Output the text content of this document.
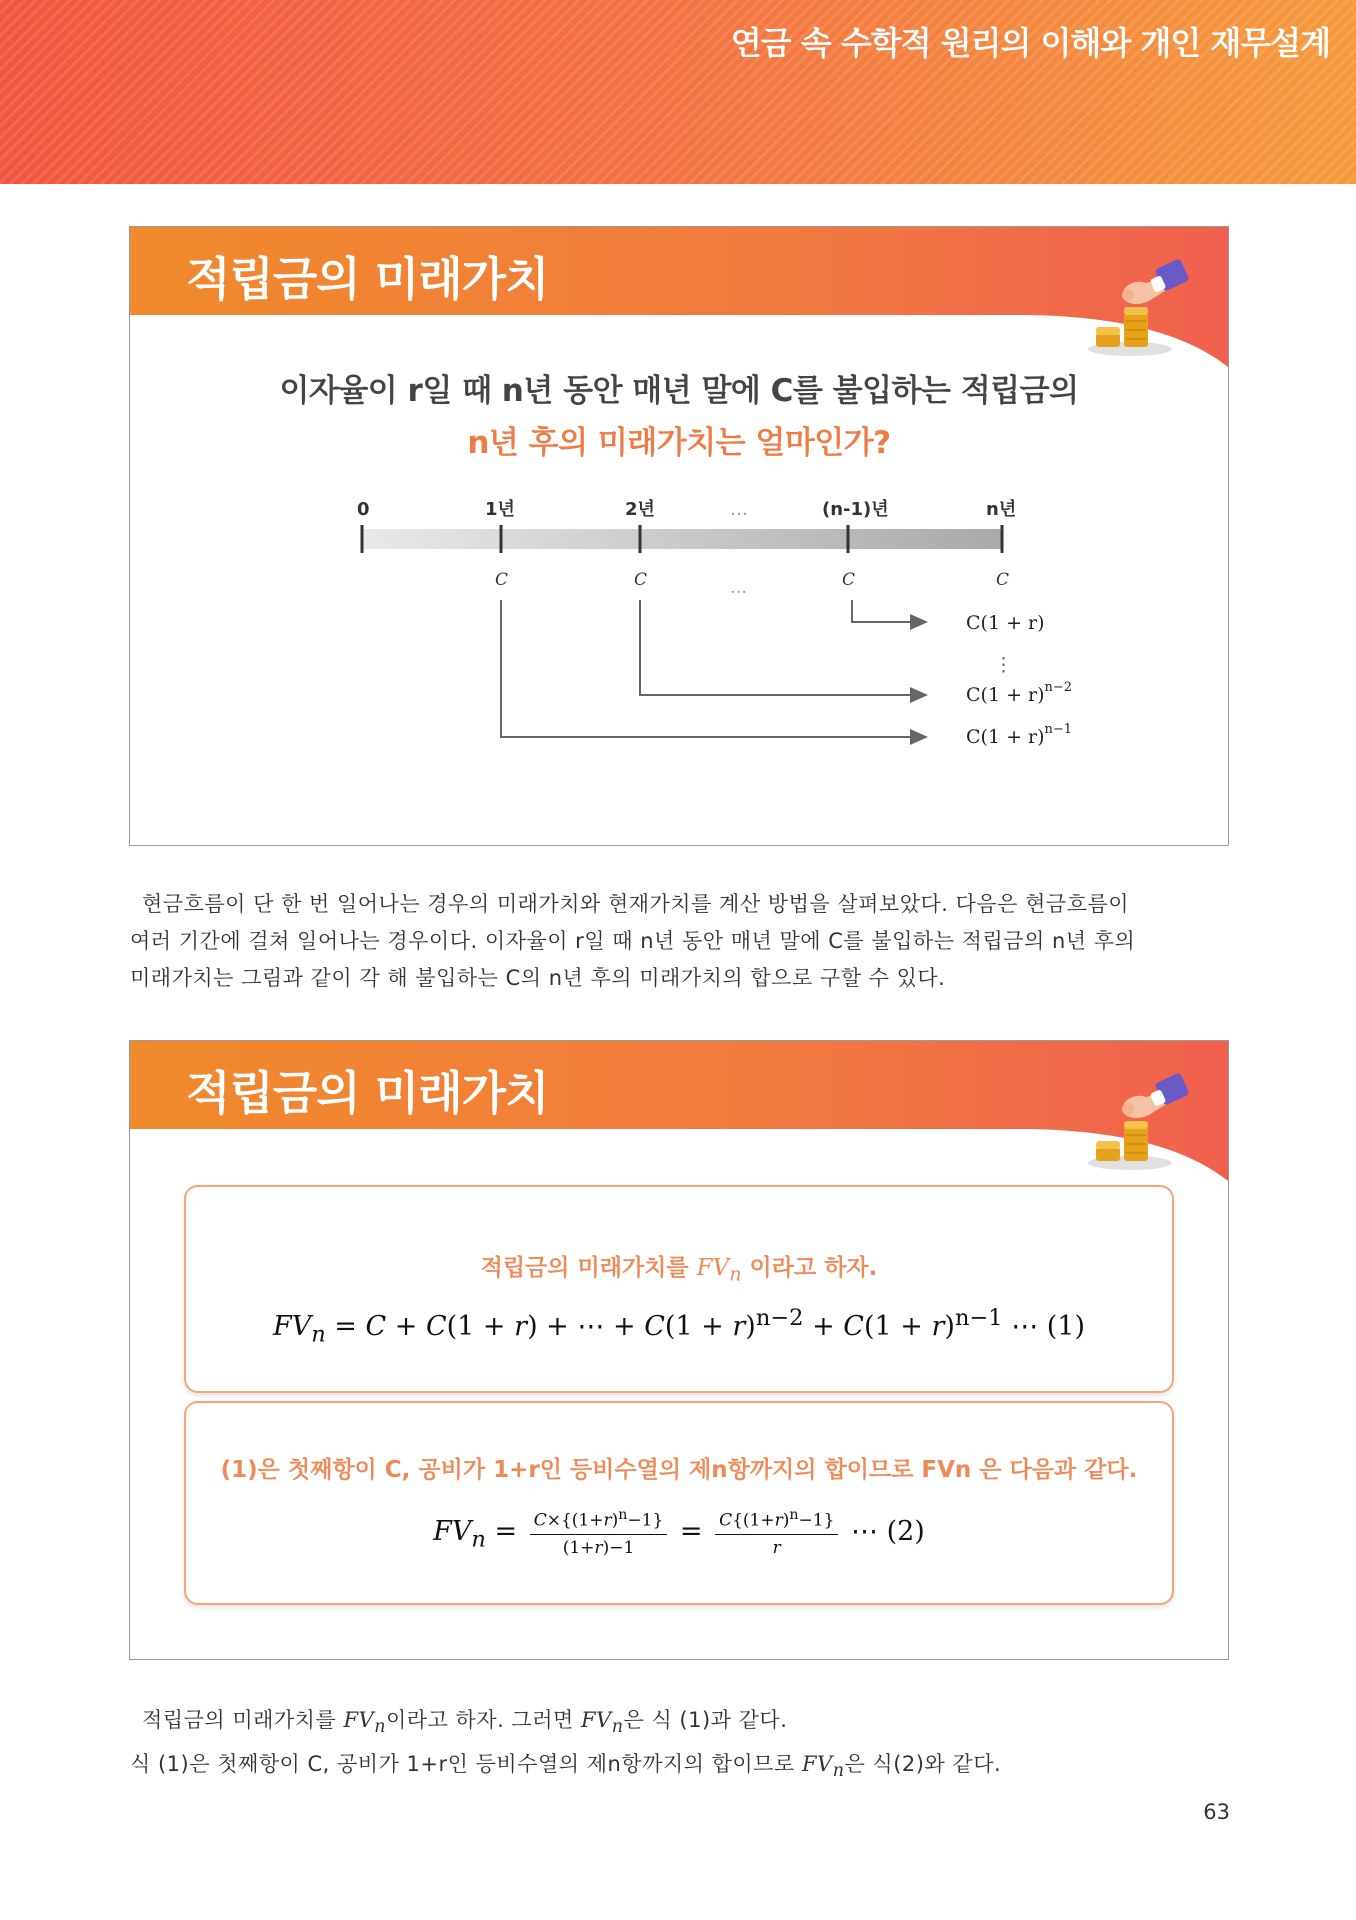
연금 속 수학적 원리의 이해와 개인 재무설계
적립금의 미래가치
이자율이 r일 때 n년 동안 매년 말에 C를 불입하는 적립금의
n년 후의 미래가치는 얼마인가?
0	1년	2년	…	(n-1)년	n년
C	C	…	C	C
C(1 + r)
⋮
$C(1 + r)^{n-2}$
$C(1 + r)^{n-1}$
현금흐름이 단 한 번 일어나는 경우의 미래가치와 현재가치를 계산 방법을 살펴보았다. 다음은 현금흐름이
여러 기간에 걸쳐 일어나는 경우이다. 이자율이 r일 때 n년 동안 매년 말에 C를 불입하는 적립금의 n년 후의
미래가치는 그림과 같이 각 해 불입하는 C의 n년 후의 미래가치의 합으로 구할 수 있다.
적립금의 미래가치
적립금의 미래가치를 $FV_n$ 이라고 하자.
$FV_n = C + C(1 + r)$ + ⋯ + $C(1 + r)^{n-2} + C(1 + r)^{n-1}$ ⋯ (1)
(1)은 첫째항이 C, 공비가 1+r인 등비수열의 제n항까지의 합이므로 FVn 은 다음과 같다.
$FV_n = \frac{C\times\{(1+r)^n-1\}}{(1+r)-1} = \frac{C\{(1+r)^n-1\}}{r}$ ⋯ (2)
적립금의 미래가치를 $FV_n$이라고 하자. 그러면 $FV_n$은 식 (1)과 같다.
식 (1)은 첫째항이 C, 공비가 1+r인 등비수열의 제n항까지의 합이므로 $FV_n$은 식(2)와 같다.
63
